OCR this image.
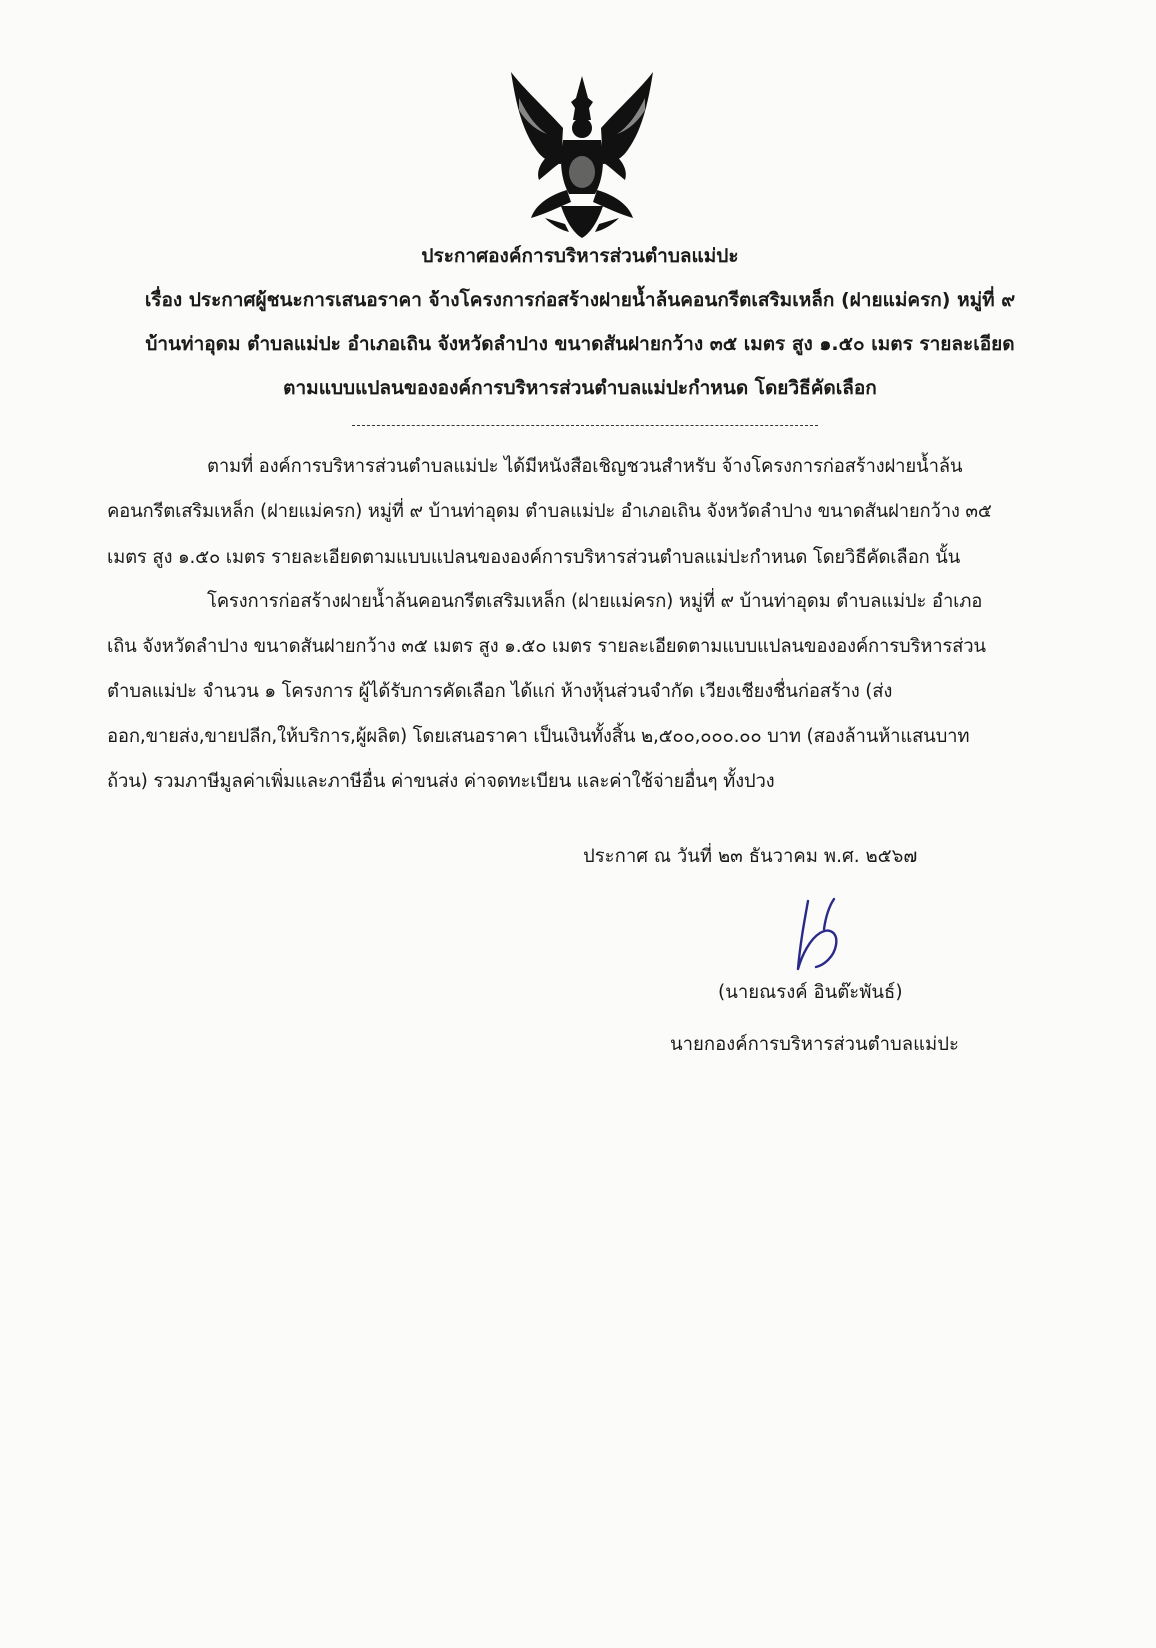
ประกาศองค์การบริหารส่วนตำบลแม่ปะ
เรื่อง ประกาศผู้ชนะการเสนอราคา จ้างโครงการก่อสร้างฝายน้ำล้นคอนกรีตเสริมเหล็ก (ฝายแม่ครก) หมู่ที่ ๙
บ้านท่าอุดม ตำบลแม่ปะ อำเภอเถิน จังหวัดลำปาง ขนาดสันฝายกว้าง ๓๕ เมตร สูง ๑.๕๐ เมตร รายละเอียด
ตามแบบแปลนขององค์การบริหารส่วนตำบลแม่ปะกำหนด โดยวิธีคัดเลือก
ตามที่ องค์การบริหารส่วนตำบลแม่ปะ ได้มีหนังสือเชิญชวนสำหรับ จ้างโครงการก่อสร้างฝายน้ำล้น
คอนกรีตเสริมเหล็ก (ฝายแม่ครก) หมู่ที่ ๙ บ้านท่าอุดม ตำบลแม่ปะ อำเภอเถิน จังหวัดลำปาง ขนาดสันฝายกว้าง ๓๕
เมตร สูง ๑.๕๐ เมตร รายละเอียดตามแบบแปลนขององค์การบริหารส่วนตำบลแม่ปะกำหนด โดยวิธีคัดเลือก นั้น
โครงการก่อสร้างฝายน้ำล้นคอนกรีตเสริมเหล็ก (ฝายแม่ครก) หมู่ที่ ๙ บ้านท่าอุดม ตำบลแม่ปะ อำเภอ
เถิน จังหวัดลำปาง ขนาดสันฝายกว้าง ๓๕ เมตร สูง ๑.๕๐ เมตร รายละเอียดตามแบบแปลนขององค์การบริหารส่วน
ตำบลแม่ปะ จำนวน ๑ โครงการ ผู้ได้รับการคัดเลือก ได้แก่ ห้างหุ้นส่วนจำกัด เวียงเชียงชื่นก่อสร้าง (ส่ง
ออก,ขายส่ง,ขายปลีก,ให้บริการ,ผู้ผลิต) โดยเสนอราคา เป็นเงินทั้งสิ้น ๒,๕๐๐,๐๐๐.๐๐ บาท (สองล้านห้าแสนบาท
ถ้วน) รวมภาษีมูลค่าเพิ่มและภาษีอื่น ค่าขนส่ง ค่าจดทะเบียน และค่าใช้จ่ายอื่นๆ ทั้งปวง
ประกาศ ณ วันที่ ๒๓ ธันวาคม พ.ศ. ๒๕๖๗
(นายณรงค์ อินต๊ะพันธ์)
นายกองค์การบริหารส่วนตำบลแม่ปะ
